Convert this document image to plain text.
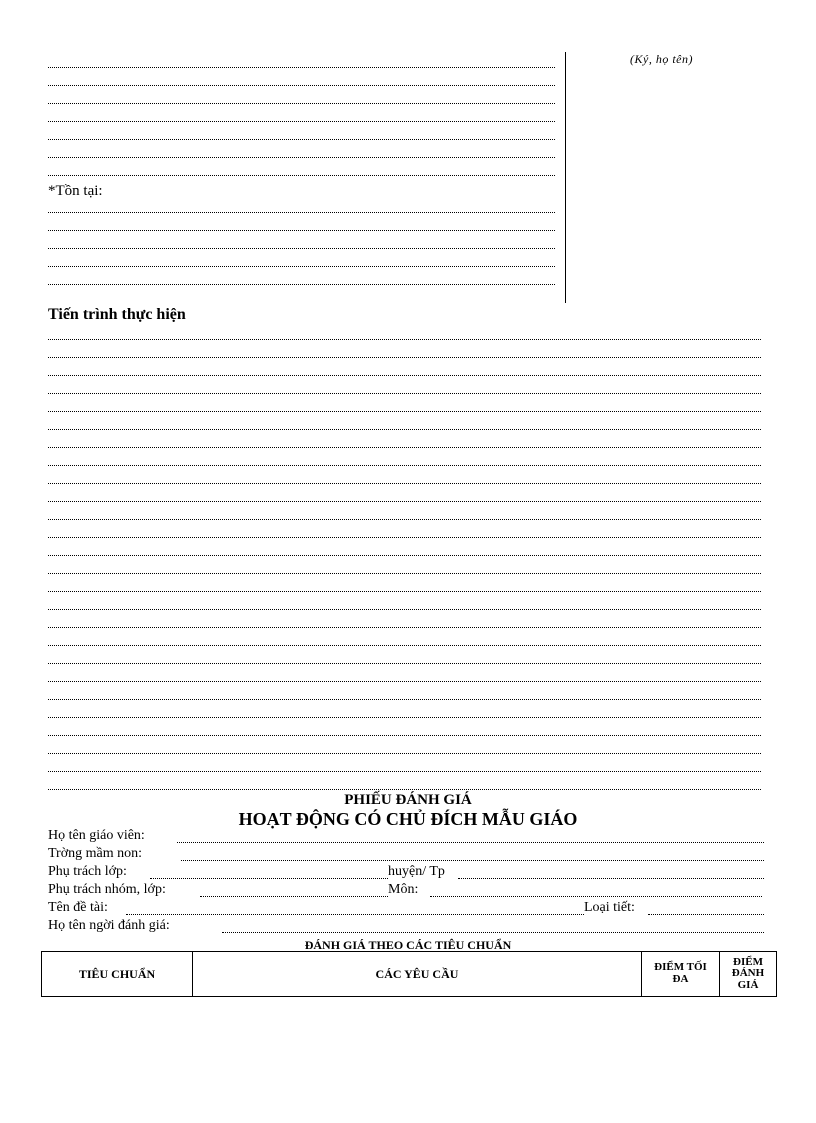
*Tồn tại:
(Ký, họ tên)
Tiến trình thực hiện
PHIẾU ĐÁNH GIÁ
HOẠT ĐỘNG CÓ CHỦ ĐÍCH MẪU GIÁO
Họ tên giáo viên:
Trờng mầm non:
Phụ trách lớp:	huyện/ Tp
Phụ trách nhóm, lớp:	Môn:
Tên đề tài:	Loại tiết:
Họ tên ngời đánh giá:
ĐÁNH GIÁ THEO CÁC TIÊU CHUẨN
TIÊU CHUẨN	CÁC YÊU CẦU	ĐIỂM TỐI ĐA	ĐIỂM ĐÁNH GIÁ
